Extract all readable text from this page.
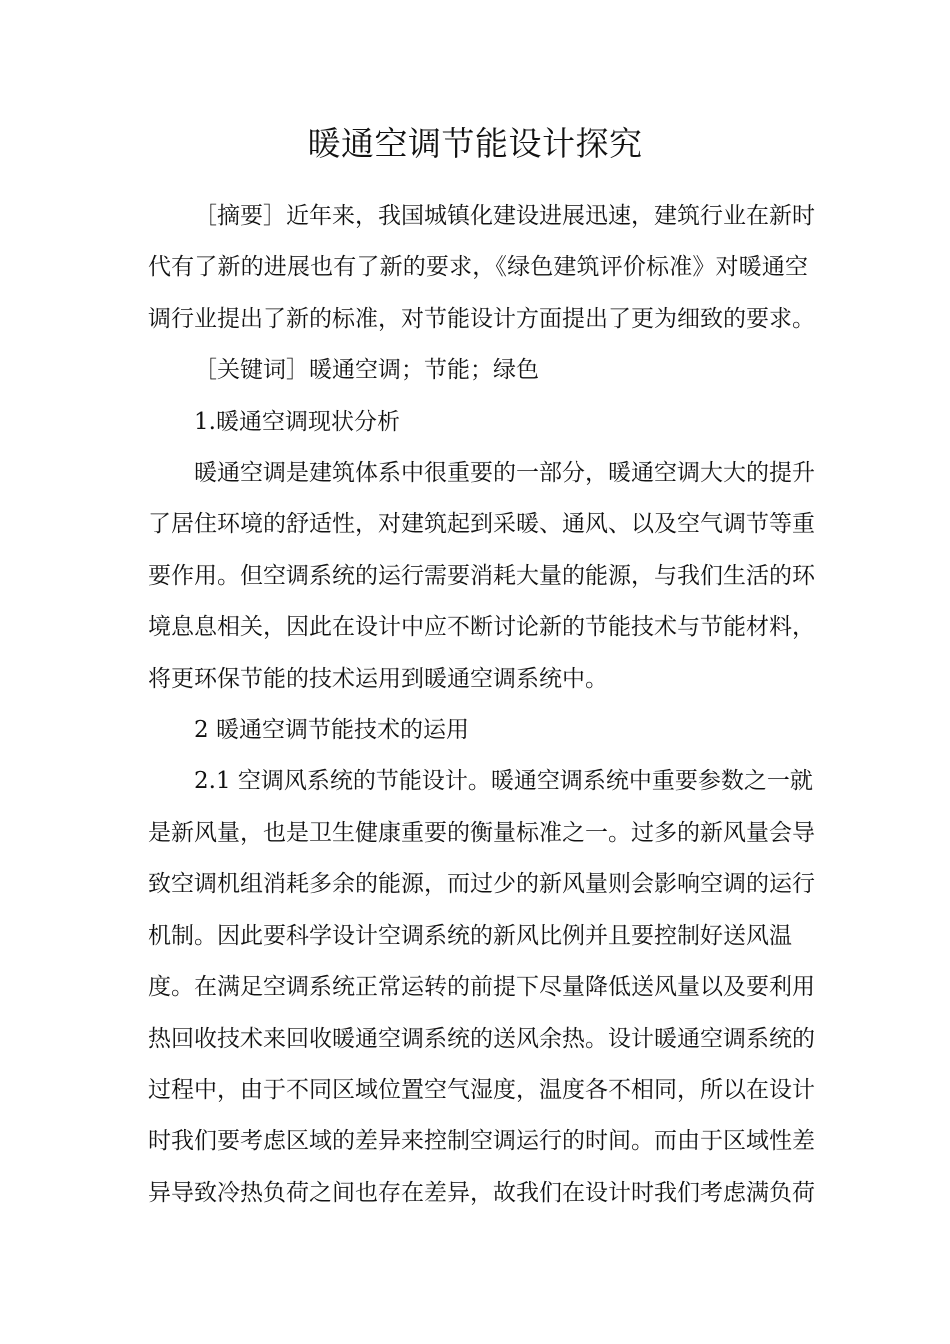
暖通空调节能设计探究
［摘要］近年来，我国城镇化建设进展迅速，建筑行业在新时
代有了新的进展也有了新的要求，《绿色建筑评价标准》对暖通空
调行业提出了新的标准，对节能设计方面提出了更为细致的要求。
［关键词］暖通空调；节能；绿色
1.暖通空调现状分析
暖通空调是建筑体系中很重要的一部分，暖通空调大大的提升
了居住环境的舒适性，对建筑起到采暖、通风、以及空气调节等重
要作用。但空调系统的运行需要消耗大量的能源，与我们生活的环
境息息相关，因此在设计中应不断讨论新的节能技术与节能材料，
将更环保节能的技术运用到暖通空调系统中。
2 暖通空调节能技术的运用
2.1 空调风系统的节能设计。暖通空调系统中重要参数之一就
是新风量，也是卫生健康重要的衡量标准之一。过多的新风量会导
致空调机组消耗多余的能源，而过少的新风量则会影响空调的运行
机制。因此要科学设计空调系统的新风比例并且要控制好送风温
度。在满足空调系统正常运转的前提下尽量降低送风量以及要利用
热回收技术来回收暖通空调系统的送风余热。设计暖通空调系统的
过程中，由于不同区域位置空气湿度，温度各不相同，所以在设计
时我们要考虑区域的差异来控制空调运行的时间。而由于区域性差
异导致冷热负荷之间也存在差异，故我们在设计时我们考虑满负荷
